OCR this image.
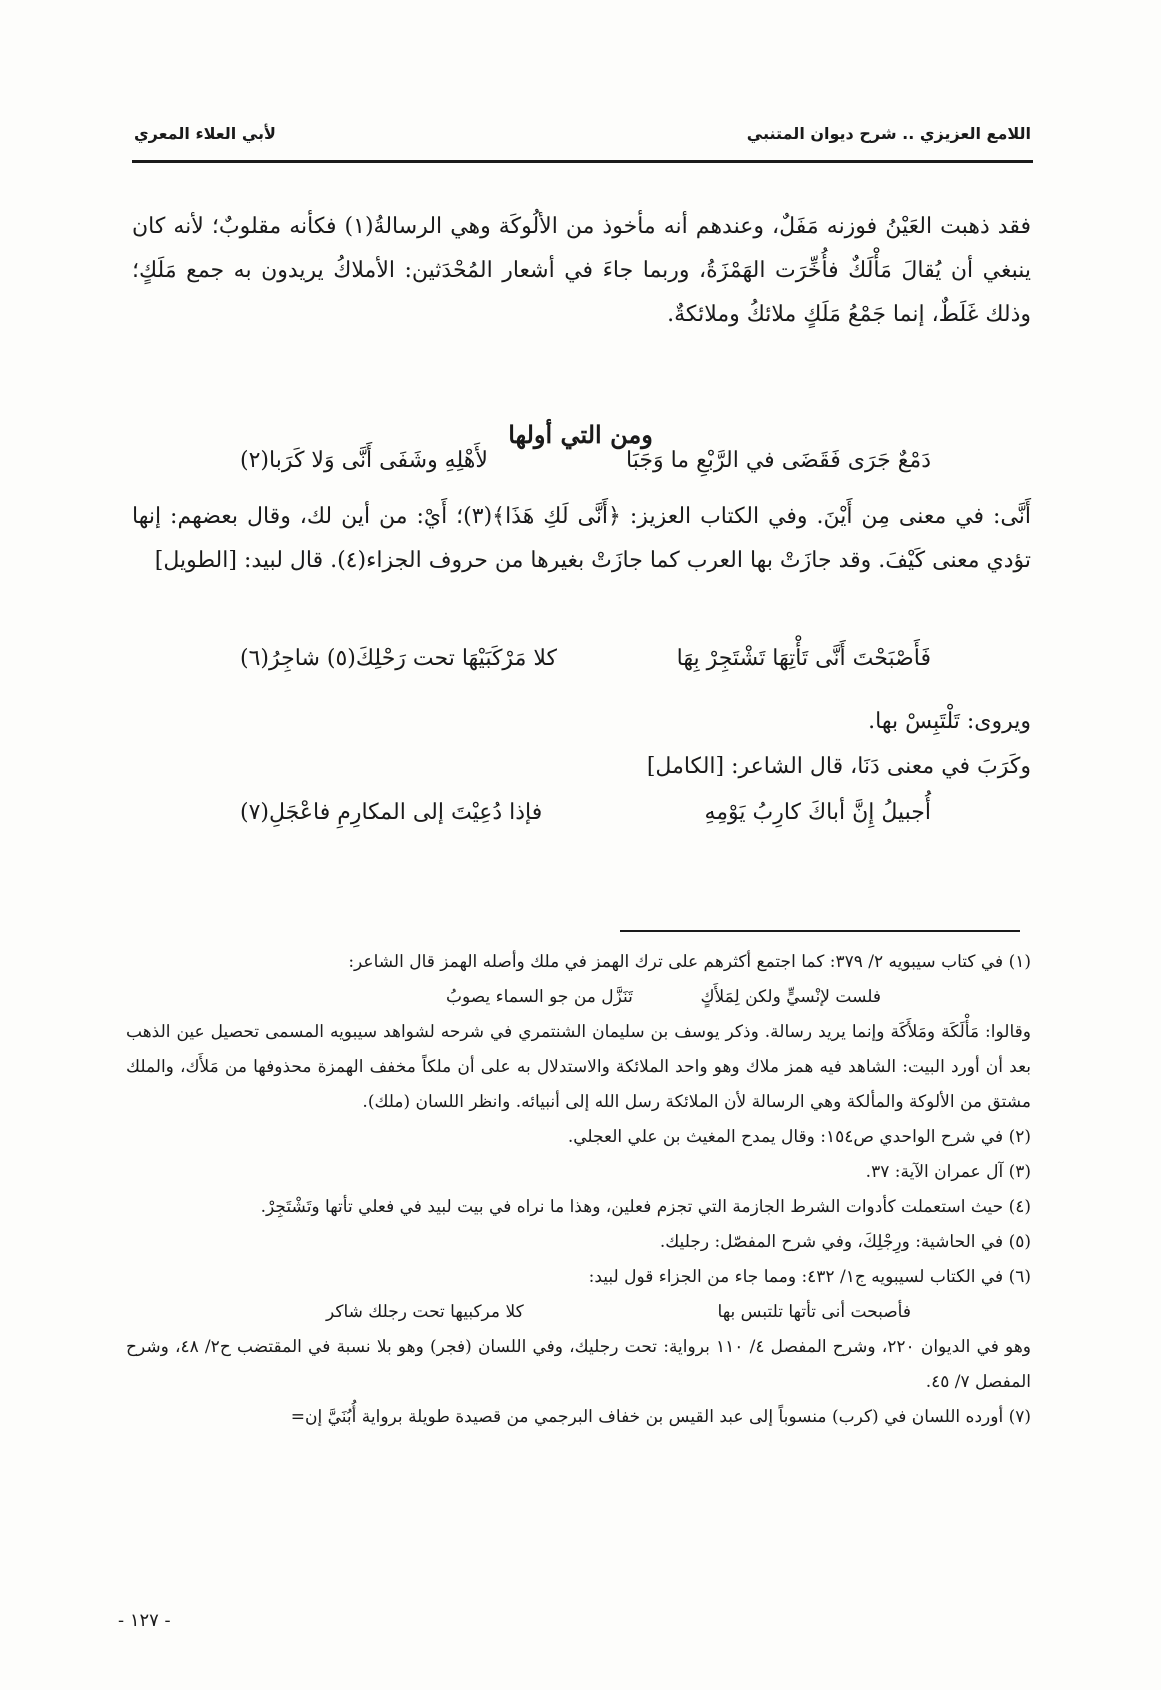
اللامع العزيزي .. شرح ديوان المتنبي
لأبي العلاء المعري

فقد ذهبت العَيْنُ فوزنه مَفَلٌ، وعندهم أنه مأخوذ من الألُوكَة وهي الرسالةُ(١) فكأنه مقلوبٌ؛ لأنه كان ينبغي أن يُقالَ مَأْلَكٌ فأُخِّرَت الهَمْزَةُ، وربما جاءَ في أشعار المُحْدَثين: الأملاكُ يريدون به جمع مَلَكٍ؛ وذلك غَلَطٌ، إنما جَمْعُ مَلَكٍ ملائكُ وملائكةٌ.

ومن التي أولها
دَمْعٌ جَرَى فَقَضَى في الرَّبْعِ ما وَجَبَا
لأَهْلِهِ وشَفَى أَنَّى وَلا كَرَبا(٢)

أَنَّى: في معنى مِن أَيْنَ. وفي الكتاب العزيز: ﴿أَنَّى لَكِ هَذَا﴾(٣)؛ أَيْ: من أين لك، وقال بعضهم: إنها تؤدي معنى كَيْفَ. وقد جازَتْ بها العرب كما جازَتْ بغيرها من حروف الجزاء(٤). قال لبيد: [الطويل]

فَأَصْبَحْتَ أَنَّى تَأْتِهَا تَشْتَجِرْ بِهَا
كلا مَرْكَبَيْهَا تحت رَحْلِكَ(٥) شاجِرُ(٦)

ويروى: تَلْتَبِسْ بها.

وكَرَبَ في معنى دَنَا، قال الشاعر: [الكامل]

أُجبيلُ إِنَّ أباكَ كارِبُ يَوْمِهِ
فإذا دُعِيْتَ إلى المكارِمِ فاعْجَلِ(٧)

(١) في كتاب سيبويه ٢/ ٣٧٩: كما اجتمع أكثرهم على ترك الهمز في ملك وأصله الهمز قال الشاعر:

فلست لإنْسيٍّ ولكن لِمَلأَكٍ
تَنَزَّل من جو السماء يصوبُ

وقالوا: مَأْلَكَة ومَلأَكَة وإنما يريد رسالة. وذكر يوسف بن سليمان الشنتمري في شرحه لشواهد سيبويه المسمى تحصيل عين الذهب بعد أن أورد البيت: الشاهد فيه همز ملاك وهو واحد الملائكة والاستدلال به على أن ملكاً مخفف الهمزة محذوفها من مَلأَك، والملك مشتق من الألوكة والمألكة وهي الرسالة لأن الملائكة رسل الله إلى أنبيائه. وانظر اللسان (ملك).

(٢) في شرح الواحدي ص١٥٤: وقال يمدح المغيث بن علي العجلي.

(٣) آل عمران الآية: ٣٧.

(٤) حيث استعملت كأدوات الشرط الجازمة التي تجزم فعلين، وهذا ما نراه في بيت لبيد في فعلي تأتها وتَشْتَجِرْ.

(٥) في الحاشية: ورِجْلِكَ، وفي شرح المفصّل: رجليك.

(٦) في الكتاب لسيبويه ج١/ ٤٣٢: ومما جاء من الجزاء قول لبيد:

فأصبحت أنى تأتها تلتبس بها
كلا مركبيها تحت رجلك شاكر

وهو في الديوان ٢٢٠، وشرح المفصل ٤/ ١١٠ برواية: تحت رجليك، وفي اللسان (فجر) وهو بلا نسبة في المقتضب ح٢/ ٤٨، وشرح المفصل ٧/ ٤٥.

(٧) أورده اللسان في (كرب) منسوباً إلى عبد القيس بن خفاف البرجمي من قصيدة طويلة برواية أُبُنَيَّ إن=

- ١٢٧ -
